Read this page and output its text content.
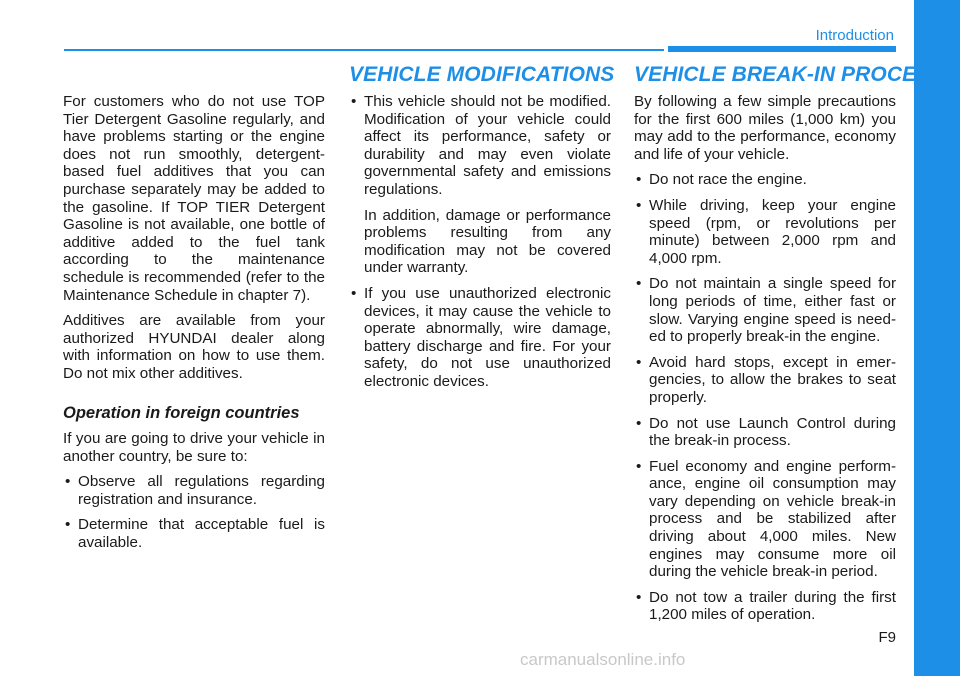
Introduction

For customers who do not use TOP Tier Detergent Gasoline regularly, and have problems starting or the engine does not run smoothly, detergent-based fuel additives that you can purchase separately may be added to the gasoline. If TOP TIER Detergent Gasoline is not available, one bottle of additive added to the fuel tank according to the maintenance schedule is recommended (refer to the Maintenance Schedule in chapter 7).

Additives are available from your authorized HYUNDAI dealer along with information on how to use them. Do not mix other additives.

Operation in foreign countries

If you are going to drive your vehicle in another country, be sure to:

• Observe all regulations regarding registration and insurance.
• Determine that acceptable fuel is available.
VEHICLE MODIFICATIONS
• This vehicle should not be modified. Modification of your vehicle could affect its performance, safety or durability and may even violate governmental safety and emissions regulations.

In addition, damage or performance problems resulting from any modification may not be covered under warranty.

• If you use unauthorized electronic devices, it may cause the vehicle to operate abnormally, wire damage, battery discharge and fire. For your safety, do not use unauthorized electronic devices.
VEHICLE BREAK-IN PROCESS

By following a few simple precautions for the first 600 miles (1,000 km) you may add to the performance, economy and life of your vehicle.

• Do not race the engine.
• While driving, keep your engine speed (rpm, or revolutions per minute) between 2,000 rpm and 4,000 rpm.
• Do not maintain a single speed for long periods of time, either fast or slow. Varying engine speed is needed to properly break-in the engine.
• Avoid hard stops, except in emergencies, to allow the brakes to seat properly.
• Do not use Launch Control during the break-in process.
• Fuel economy and engine performance, engine oil consumption may vary depending on vehicle break-in process and be stabilized after driving about 4,000 miles. New engines may consume more oil during the vehicle break-in period.
• Do not tow a trailer during the first 1,200 miles of operation.
F9
carmanualsonline.info
